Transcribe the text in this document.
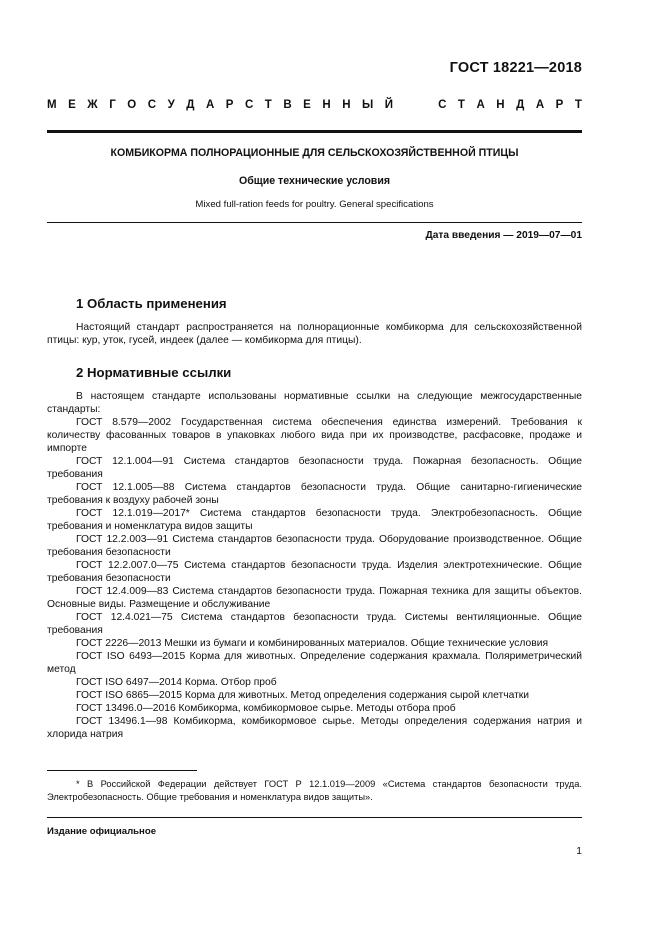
ГОСТ 18221—2018
М Е Ж Г О С У Д А Р С Т В Е Н Н Ы Й	С Т А Н Д А Р Т
КОМБИКОРМА ПОЛНОРАЦИОННЫЕ ДЛЯ СЕЛЬСКОХОЗЯЙСТВЕННОЙ ПТИЦЫ
Общие технические условия
Mixed full-ration feeds for poultry. General specifications
Дата введения — 2019—07—01
1 Область применения

Настоящий стандарт распространяется на полнорационные комбикорма для сельскохозяйственной птицы: кур, уток, гусей, индеек (далее — комбикорма для птицы).

2 Нормативные ссылки

В настоящем стандарте использованы нормативные ссылки на следующие межгосударственные стандарты:

ГОСТ 8.579—2002 Государственная система обеспечения единства измерений. Требования к количеству фасованных товаров в упаковках любого вида при их производстве, расфасовке, продаже и импорте

ГОСТ 12.1.004—91 Система стандартов безопасности труда. Пожарная безопасность. Общие требования

ГОСТ 12.1.005—88 Система стандартов безопасности труда. Общие санитарно-гигиенические требования к воздуху рабочей зоны

ГОСТ 12.1.019—2017* Система стандартов безопасности труда. Электробезопасность. Общие требования и номенклатура видов защиты

ГОСТ 12.2.003—91 Система стандартов безопасности труда. Оборудование производственное. Общие требования безопасности

ГОСТ 12.2.007.0—75 Система стандартов безопасности труда. Изделия электротехнические. Общие требования безопасности

ГОСТ 12.4.009—83 Система стандартов безопасности труда. Пожарная техника для защиты объектов. Основные виды. Размещение и обслуживание

ГОСТ 12.4.021—75 Система стандартов безопасности труда. Системы вентиляционные. Общие требования

ГОСТ 2226—2013 Мешки из бумаги и комбинированных материалов. Общие технические условия

ГОСТ ISO 6493—2015 Корма для животных. Определение содержания крахмала. Поляриметрический метод

ГОСТ ISO 6497—2014 Корма. Отбор проб

ГОСТ ISO 6865—2015 Корма для животных. Метод определения содержания сырой клетчатки

ГОСТ 13496.0—2016 Комбикорма, комбикормовое сырье. Методы отбора проб

ГОСТ 13496.1—98 Комбикорма, комбикормовое сырье. Методы определения содержания натрия и хлорида натрия

* В Российской Федерации действует ГОСТ Р 12.1.019—2009 «Система стандартов безопасности труда. Электробезопасность. Общие требования и номенклатура видов защиты».
Издание официальное
1
